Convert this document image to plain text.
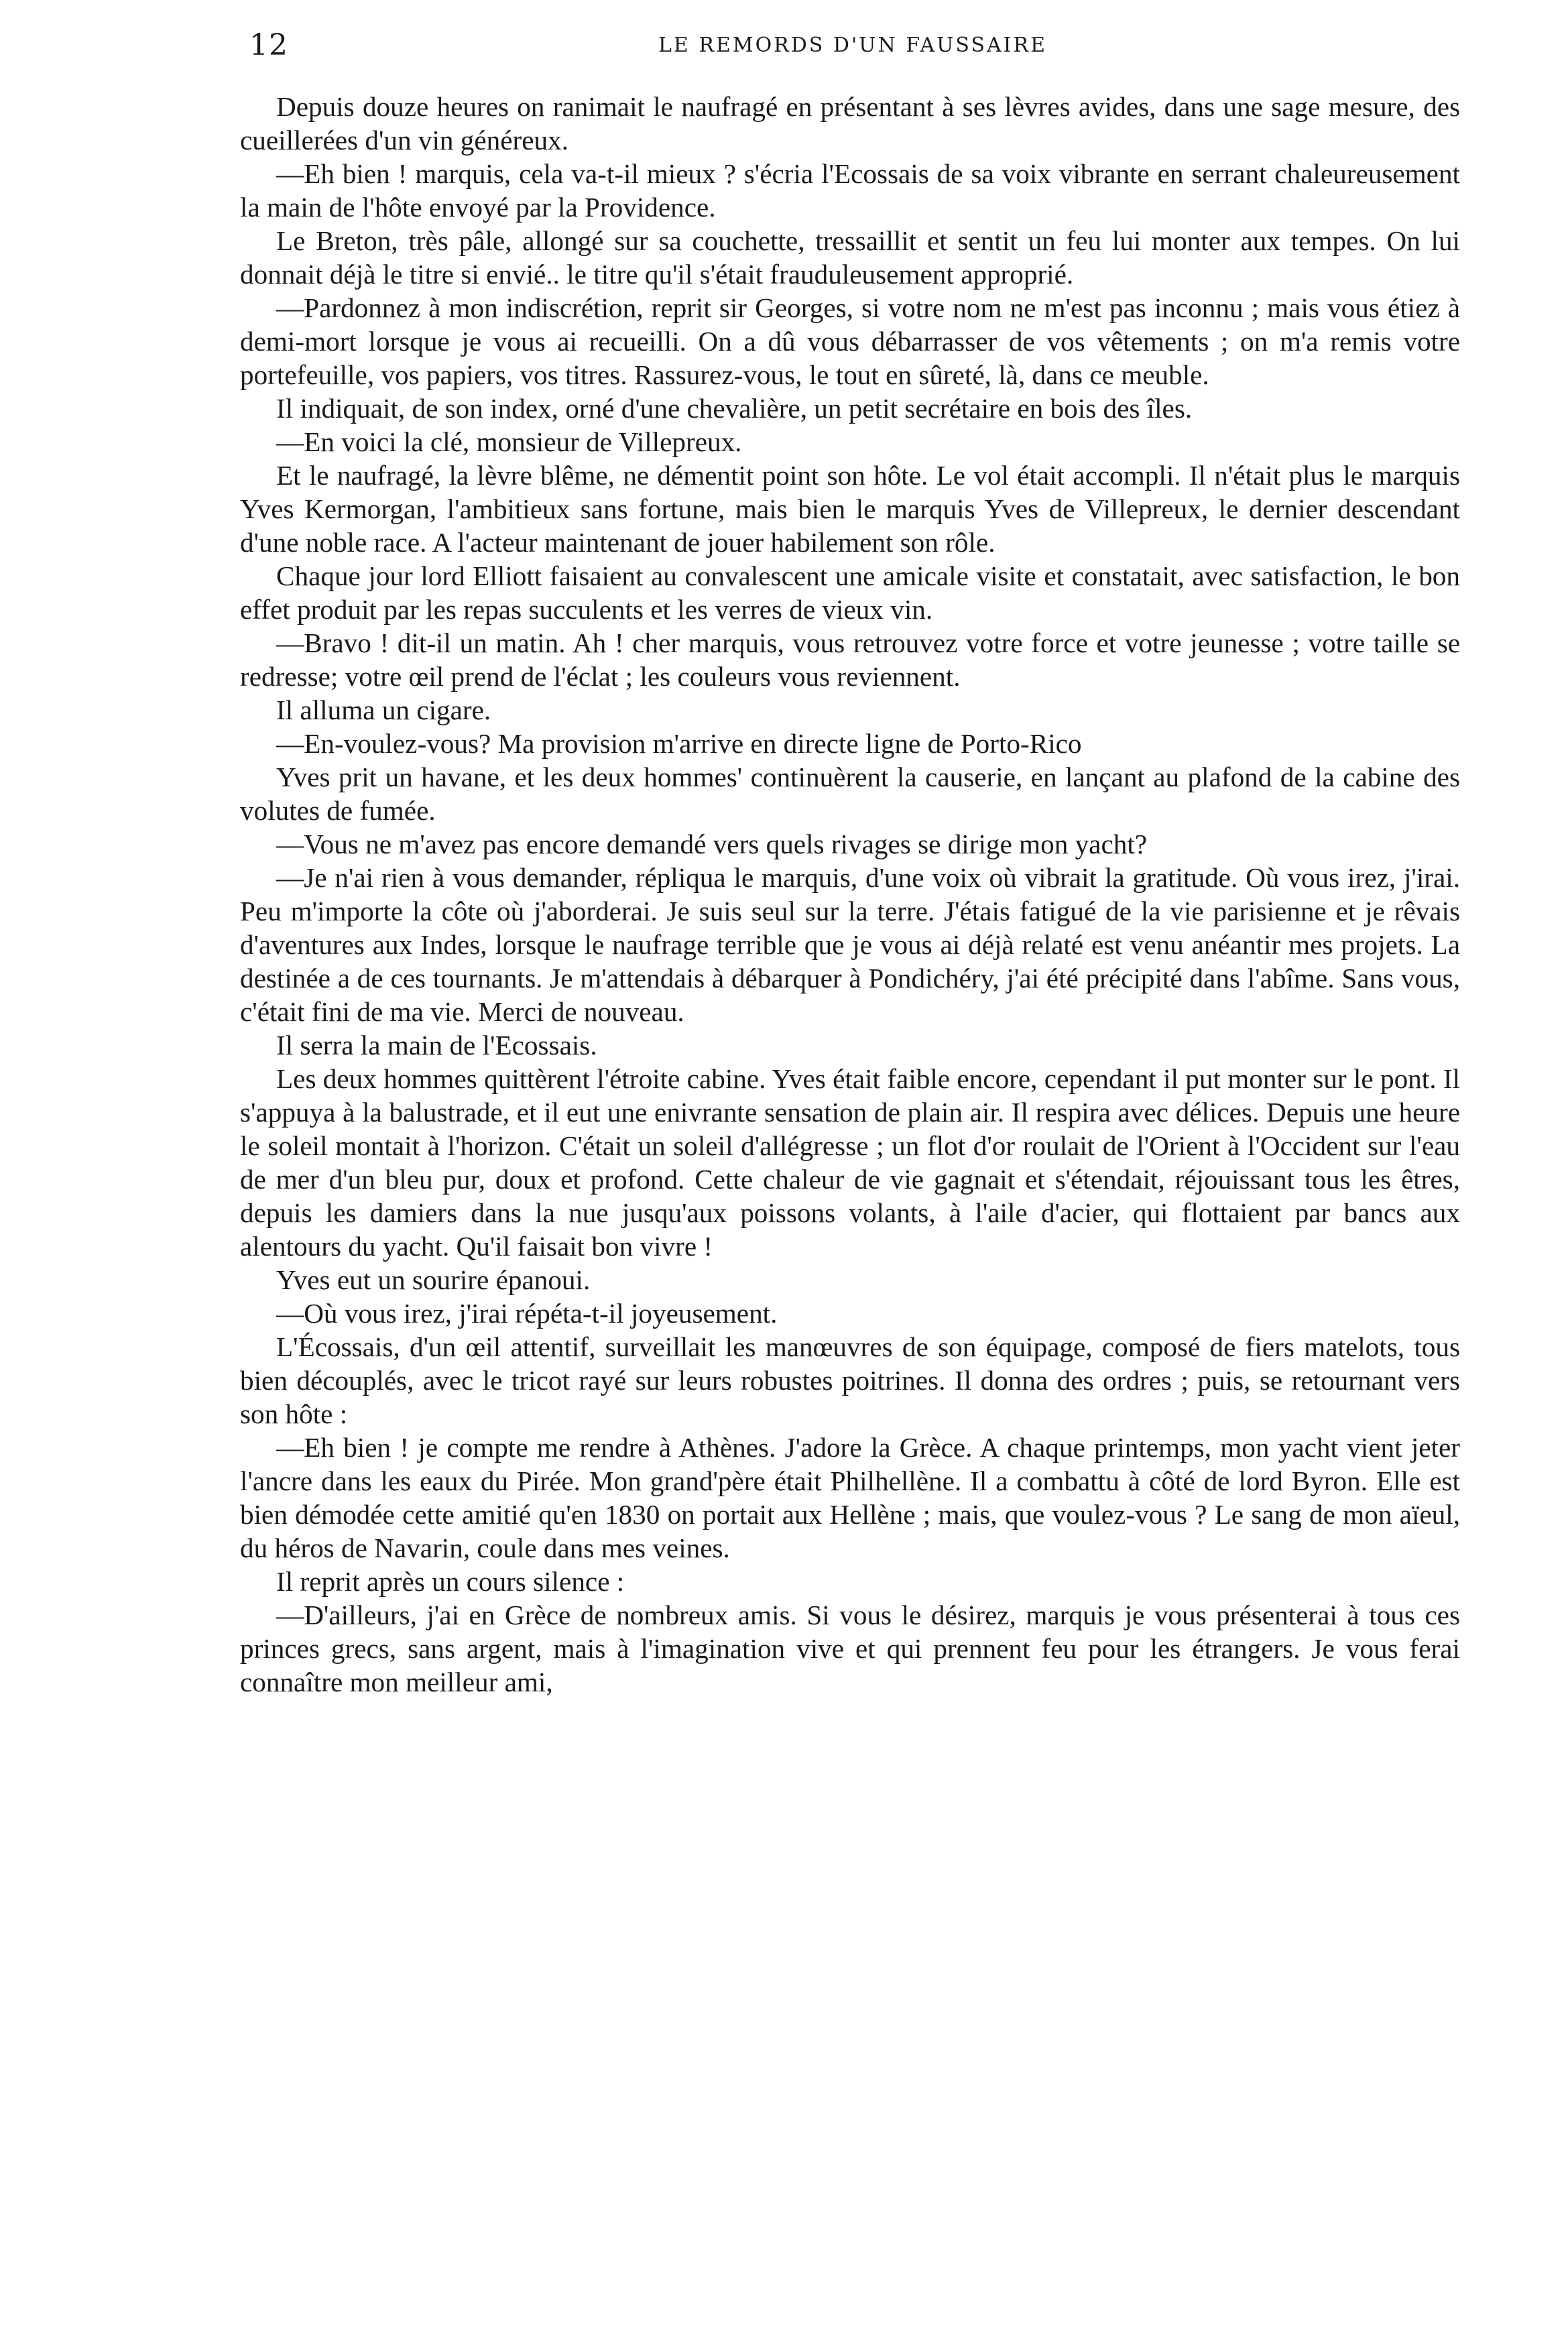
12	LE REMORDS D'UN FAUSSAIRE

Depuis douze heures on ranimait le naufragé en présentant à ses lèvres avides, dans une sage mesure, des cueillerées d'un vin généreux.

—Eh bien ! marquis, cela va-t-il mieux ? s'écria l'Ecossais de sa voix vibrante en serrant chaleureusement la main de l'hôte envoyé par la Providence.

Le Breton, très pâle, allongé sur sa couchette, tressaillit et sentit un feu lui monter aux tempes. On lui donnait déjà le titre si envié.. le titre qu'il s'était frauduleusement approprié.

—Pardonnez à mon indiscrétion, reprit sir Georges, si votre nom ne m'est pas inconnu ; mais vous étiez à demi-mort lorsque je vous ai recueilli. On a dû vous débarrasser de vos vêtements ; on m'a remis votre portefeuille, vos papiers, vos titres. Rassurez-vous, le tout en sûreté, là, dans ce meuble.

Il indiquait, de son index, orné d'une chevalière, un petit secrétaire en bois des îles.

—En voici la clé, monsieur de Villepreux.

Et le naufragé, la lèvre blême, ne démentit point son hôte. Le vol était accompli. Il n'était plus le marquis Yves Kermorgan, l'ambitieux sans fortune, mais bien le marquis Yves de Villepreux, le dernier descendant d'une noble race. A l'acteur maintenant de jouer habilement son rôle.

Chaque jour lord Elliott faisaient au convalescent une amicale visite et constatait, avec satisfaction, le bon effet produit par les repas succulents et les verres de vieux vin.

—Bravo ! dit-il un matin. Ah ! cher marquis, vous retrouvez votre force et votre jeunesse ; votre taille se redresse; votre œil prend de l'éclat ; les couleurs vous reviennent.

Il alluma un cigare.

—En-voulez-vous? Ma provision m'arrive en directe ligne de Porto-Rico

Yves prit un havane, et les deux hommes' continuèrent la causerie, en lançant au plafond de la cabine des volutes de fumée.

—Vous ne m'avez pas encore demandé vers quels rivages se dirige mon yacht?

—Je n'ai rien à vous demander, répliqua le marquis, d'une voix où vibrait la gratitude. Où vous irez, j'irai. Peu m'importe la côte où j'aborderai. Je suis seul sur la terre. J'étais fatigué de la vie parisienne et je rêvais d'aventures aux Indes, lorsque le naufrage terrible que je vous ai déjà relaté est venu anéantir mes projets. La destinée a de ces tournants. Je m'attendais à débarquer à Pondichéry, j'ai été précipité dans l'abîme. Sans vous, c'était fini de ma vie. Merci de nouveau.

Il serra la main de l'Ecossais.

Les deux hommes quittèrent l'étroite cabine. Yves était faible encore, cependant il put monter sur le pont. Il s'appuya à la balustrade, et il eut une enivrante sensation de plain air. Il respira avec délices. Depuis une heure le soleil montait à l'horizon. C'était un soleil d'allégresse ; un flot d'or roulait de l'Orient à l'Occident sur l'eau de mer d'un bleu pur, doux et profond. Cette chaleur de vie gagnait et s'étendait, réjouissant tous les êtres, depuis les damiers dans la nue jusqu'aux poissons volants, à l'aile d'acier, qui flottaient par bancs aux alentours du yacht. Qu'il faisait bon vivre !

Yves eut un sourire épanoui.

—Où vous irez, j'irai répéta-t-il joyeusement.

L'Écossais, d'un œil attentif, surveillait les manœuvres de son équipage, composé de fiers matelots, tous bien découplés, avec le tricot rayé sur leurs robustes poitrines. Il donna des ordres ; puis, se retournant vers son hôte :

—Eh bien ! je compte me rendre à Athènes. J'adore la Grèce. A chaque printemps, mon yacht vient jeter l'ancre dans les eaux du Pirée. Mon grand'père était Philhellène. Il a combattu à côté de lord Byron. Elle est bien démodée cette amitié qu'en 1830 on portait aux Hellène ; mais, que voulez-vous ? Le sang de mon aïeul, du héros de Navarin, coule dans mes veines.

Il reprit après un cours silence :

—D'ailleurs, j'ai en Grèce de nombreux amis. Si vous le désirez, marquis je vous présenterai à tous ces princes grecs, sans argent, mais à l'imagination vive et qui prennent feu pour les étrangers. Je vous ferai connaître mon meilleur ami,
